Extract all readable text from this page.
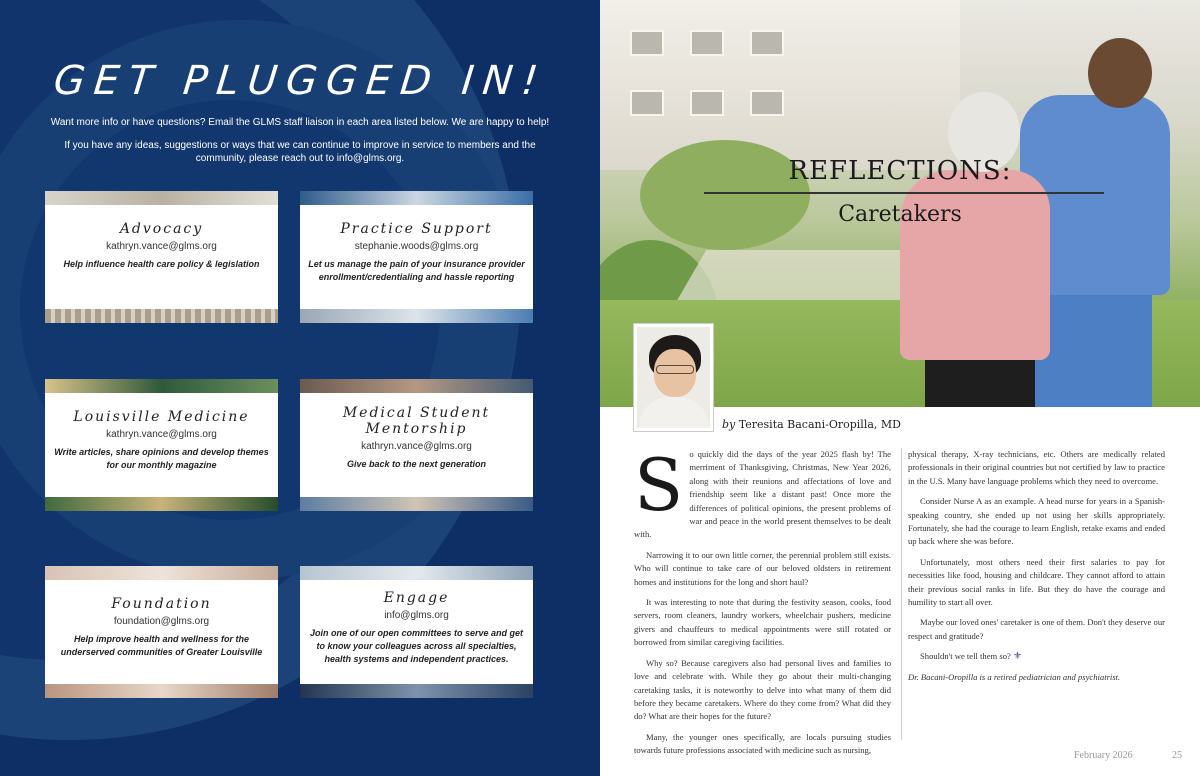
GET PLUGGED IN!
Want more info or have questions? Email the GLMS staff liaison in each area listed below. We are happy to help!
If you have any ideas, suggestions or ways that we can continue to improve in service to members and the community, please reach out to info@glms.org.
Advocacy
kathryn.vance@glms.org
Help influence health care policy & legislation
Practice Support
stephanie.woods@glms.org
Let us manage the pain of your insurance provider enrollment/credentialing and hassle reporting
Louisville Medicine
kathryn.vance@glms.org
Write articles, share opinions and develop themes for our monthly magazine
Medical Student Mentorship
kathryn.vance@glms.org
Give back to the next generation
Foundation
foundation@glms.org
Help improve health and wellness for the underserved communities of Greater Louisville
Engage
info@glms.org
Join one of our open committees to serve and get to know your colleagues across all specialties, health systems and independent practices.
REFLECTIONS:
Caretakers
by Teresita Bacani-Oropilla, MD

So quickly did the days of the year 2025 flash by! The merriment of Thanksgiving, Christmas, New Year 2026, along with their reunions and affectations of love and friendship seem like a distant past! Once more the differences of political opinions, the present problems of war and peace in the world present themselves to be dealt with.

Narrowing it to our own little corner, the perennial problem still exists. Who will continue to take care of our beloved oldsters in retirement homes and institutions for the long and short haul?

It was interesting to note that during the festivity season, cooks, food servers, room cleaners, laundry workers, wheelchair pushers, medicine givers and chauffeurs to medical appointments were still rotated or borrowed from similar caregiving facilities.

Why so? Because caregivers also had personal lives and families to love and celebrate with. While they go about their multi-changing caretaking tasks, it is noteworthy to delve into what many of them did before they became caretakers. Where do they come from? What did they do? What are their hopes for the future?

Many, the younger ones specifically, are locals pursuing studies towards future professions associated with medicine such as nursing,

physical therapy, X-ray technicians, etc. Others are medically related professionals in their original countries but not certified by law to practice in the U.S. Many have language problems which they need to overcome.

Consider Nurse A as an example. A head nurse for years in a Spanish-speaking country, she ended up not using her skills appropriately. Fortunately, she had the courage to learn English, retake exams and ended up back where she was before.

Unfortunately, most others need their first salaries to pay for necessities like food, housing and childcare. They cannot afford to attain their previous social ranks in life. But they do have the courage and humility to start all over.

Maybe our loved ones' caretaker is one of them. Don't they deserve our respect and gratitude?

Shouldn't we tell them so? ⚜

Dr. Bacani-Oropilla is a retired pediatrician and psychiatrist.

February 2026	25
